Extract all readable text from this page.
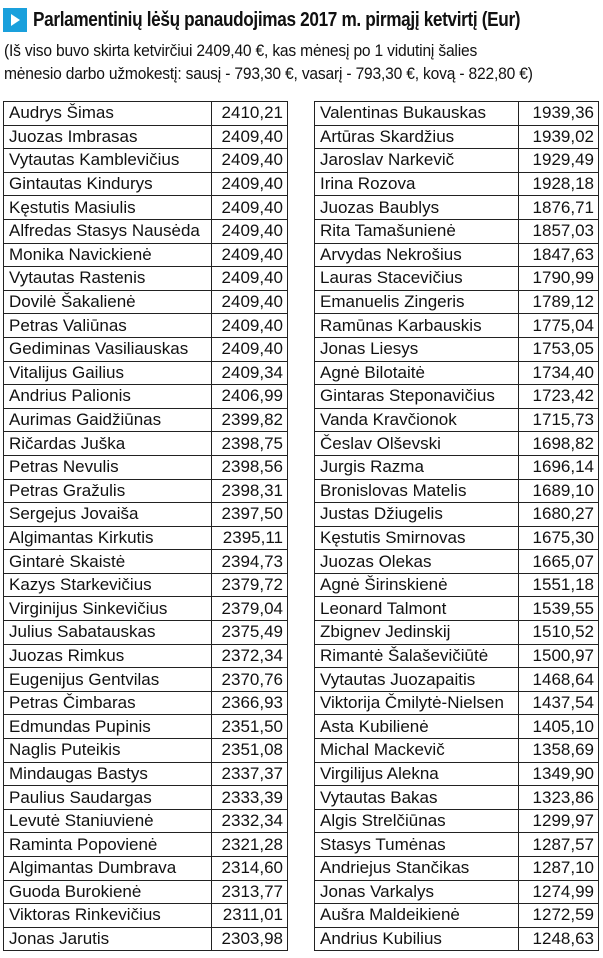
Parlamentinių lėšų panaudojimas 2017 m. pirmąjį ketvirtį (Eur)
(Iš viso buvo skirta ketvirčiui 2409,40 €, kas mėnesį po 1 vidutinį šalies
mėnesio darbo užmokestį: sausį - 793,30 €, vasarį - 793,30 €, kovą - 822,80 €)
Audrys Šimas	2410,21
Juozas Imbrasas	2409,40
Vytautas Kamblevičius	2409,40
Gintautas Kindurys	2409,40
Kęstutis Masiulis	2409,40
Alfredas Stasys Nausėda	2409,40
Monika Navickienė	2409,40
Vytautas Rastenis	2409,40
Dovilė Šakalienė	2409,40
Petras Valiūnas	2409,40
Gediminas Vasiliauskas	2409,40
Vitalijus Gailius	2409,34
Andrius Palionis	2406,99
Aurimas Gaidžiūnas	2399,82
Ričardas Juška	2398,75
Petras Nevulis	2398,56
Petras Gražulis	2398,31
Sergejus Jovaiša	2397,50
Algimantas Kirkutis	2395,11
Gintarė Skaistė	2394,73
Kazys Starkevičius	2379,72
Virginijus Sinkevičius	2379,04
Julius Sabatauskas	2375,49
Juozas Rimkus	2372,34
Eugenijus Gentvilas	2370,76
Petras Čimbaras	2366,93
Edmundas Pupinis	2351,50
Naglis Puteikis	2351,08
Mindaugas Bastys	2337,37
Paulius Saudargas	2333,39
Levutė Staniuvienė	2332,34
Raminta Popovienė	2321,28
Algimantas Dumbrava	2314,60
Guoda Burokienė	2313,77
Viktoras Rinkevičius	2311,01
Jonas Jarutis	2303,98
Valentinas Bukauskas	1939,36
Artūras Skardžius	1939,02
Jaroslav Narkevič	1929,49
Irina Rozova	1928,18
Juozas Baublys	1876,71
Rita Tamašunienė	1857,03
Arvydas Nekrošius	1847,63
Lauras Stacevičius	1790,99
Emanuelis Zingeris	1789,12
Ramūnas Karbauskis	1775,04
Jonas Liesys	1753,05
Agnė Bilotaitė	1734,40
Gintaras Steponavičius	1723,42
Vanda Kravčionok	1715,73
Česlav Olševski	1698,82
Jurgis Razma	1696,14
Bronislovas Matelis	1689,10
Justas Džiugelis	1680,27
Kęstutis Smirnovas	1675,30
Juozas Olekas	1665,07
Agnė Širinskienė	1551,18
Leonard Talmont	1539,55
Zbignev Jedinskij	1510,52
Rimantė Šalaševičiūtė	1500,97
Vytautas Juozapaitis	1468,64
Viktorija Čmilytė-Nielsen	1437,54
Asta Kubilienė	1405,10
Michal Mackevič	1358,69
Virgilijus Alekna	1349,90
Vytautas Bakas	1323,86
Algis Strelčiūnas	1299,97
Stasys Tumėnas	1287,57
Andriejus Stančikas	1287,10
Jonas Varkalys	1274,99
Aušra Maldeikienė	1272,59
Andrius Kubilius	1248,63
